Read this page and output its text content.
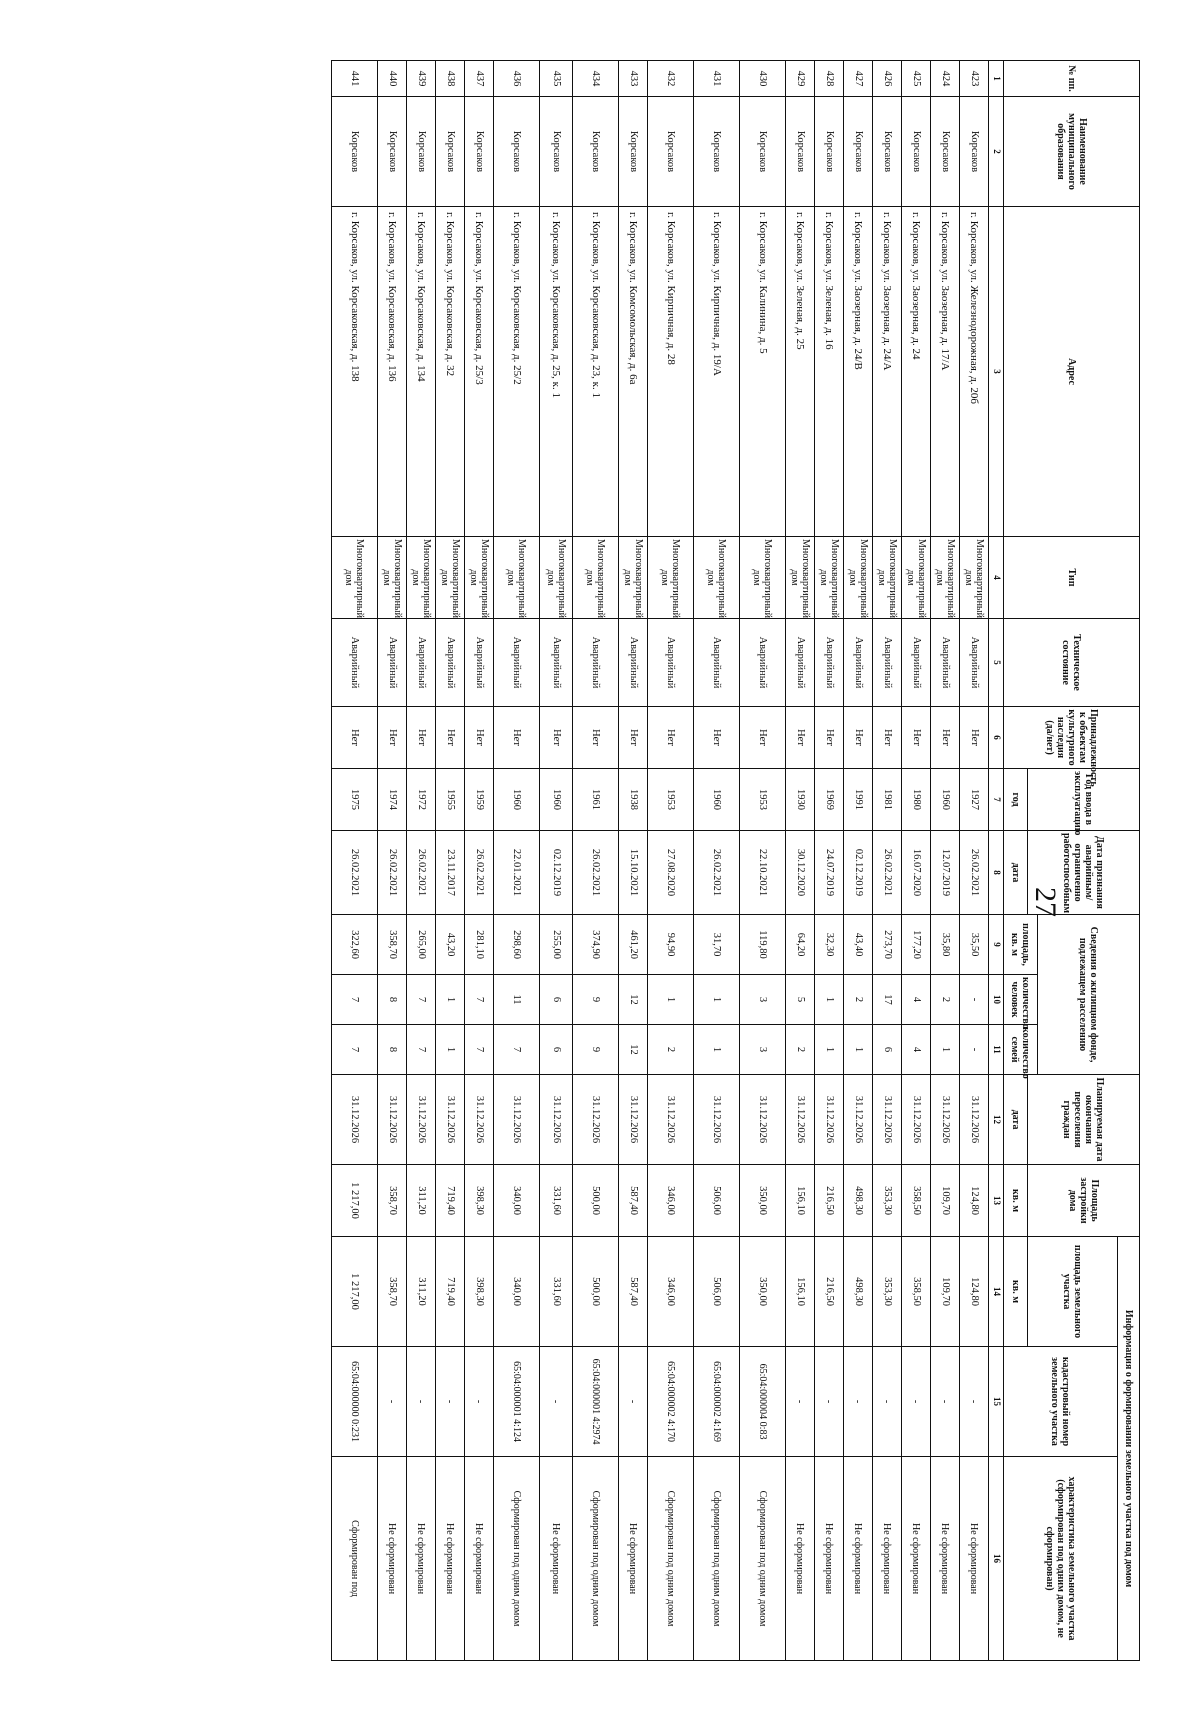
27
№ пп.	Наименование муниципального образования	Адрес	Тип	Техническое состояние	Принадлежность к объектам культурного наследия (да/нет)	Год ввода в эксплуатацию	Дата признания аварийным/ограниченно работоспособным	Сведения о жилищном фонде, подлежащем расселению			Планируемая дата окончания переселения граждан	Площадь застройки дома	Информация о формировании земельного участка под домом		
													площадь земельного участка	кадастровый номер земельного участка	характеристика земельного участка (сформирован под одним домом, не сформирован)
								площадь, кв. м	количество человек	количество семей					
						год	дата				дата	кв. м	кв. м		
1	2	3	4	5	6	7	8	9	10	11	12	13	14	15	16
423	Корсаков	г. Корсаков, ул. Железнодорожная, д. 20б	Многоквартирный дом	Аварийный	Нет	1927	26.02.2021	35,50	-	-	31.12.2026	124,80	124,80	-	Не сформирован
424	Корсаков	г. Корсаков, ул. Заозерная, д. 17/А	Многоквартирный дом	Аварийный	Нет	1960	12.07.2019	35,80	2	1	31.12.2026	109,70	109,70	-	Не сформирован
425	Корсаков	г. Корсаков, ул. Заозерная, д. 24	Многоквартирный дом	Аварийный	Нет	1980	16.07.2020	177,20	4	4	31.12.2026	358,50	358,50	-	Не сформирован
426	Корсаков	г. Корсаков, ул. Заозерная, д. 24/А	Многоквартирный дом	Аварийный	Нет	1981	26.02.2021	273,70	17	6	31.12.2026	353,30	353,30	-	Не сформирован
427	Корсаков	г. Корсаков, ул. Заозерная, д. 24/В	Многоквартирный дом	Аварийный	Нет	1991	02.12.2019	43,40	2	1	31.12.2026	498,30	498,30	-	Не сформирован
428	Корсаков	г. Корсаков, ул. Зеленая, д. 16	Многоквартирный дом	Аварийный	Нет	1969	24.07.2019	32,30	1	1	31.12.2026	216,50	216,50	-	Не сформирован
429	Корсаков	г. Корсаков, ул. Зеленая, д. 25	Многоквартирный дом	Аварийный	Нет	1930	30.12.2020	64,20	5	2	31.12.2026	156,10	156,10	-	Не сформирован
430	Корсаков	г. Корсаков, ул. Калинина, д. 5	Многоквартирный дом	Аварийный	Нет	1953	22.10.2021	119,80	3	3	31.12.2026	350,00	350,00	65:04:000004 0:83	Сформирован под одним домом
431	Корсаков	г. Корсаков, ул. Кирпичная, д. 19/А	Многоквартирный дом	Аварийный	Нет	1960	26.02.2021	31,70	1	1	31.12.2026	506,00	506,00	65:04:000002 4:169	Сформирован под одним домом
432	Корсаков	г. Корсаков, ул. Кирпичная, д. 28	Многоквартирный дом	Аварийный	Нет	1953	27.08.2020	94,90	1	2	31.12.2026	346,00	346,00	65:04:000002 4:170	Сформирован под одним домом
433	Корсаков	г. Корсаков, ул. Комсомольская, д. 6а	Многоквартирный дом	Аварийный	Нет	1938	15.10.2021	461,20	12	12	31.12.2026	587,40	587,40	-	Не сформирован
434	Корсаков	г. Корсаков, ул. Корсаковская, д. 23, к. 1	Многоквартирный дом	Аварийный	Нет	1961	26.02.2021	374,90	9	9	31.12.2026	500,00	500,00	65:04:000001 4:2974	Сформирован под одним домом
435	Корсаков	г. Корсаков, ул. Корсаковская, д. 25, к. 1	Многоквартирный дом	Аварийный	Нет	1960	02.12.2019	255,00	6	6	31.12.2026	331,60	331,60	-	Не сформирован
436	Корсаков	г. Корсаков, ул. Корсаковская, д. 25/2	Многоквартирный дом	Аварийный	Нет	1960	22.01.2021	298,60	11	7	31.12.2026	340,00	340,00	65:04:000001 4:124	Сформирован под одним домом
437	Корсаков	г. Корсаков, ул. Корсаковская, д. 25/3	Многоквартирный дом	Аварийный	Нет	1959	26.02.2021	281,10	7	7	31.12.2026	398,30	398,30	-	Не сформирован
438	Корсаков	г. Корсаков, ул. Корсаковская, д. 32	Многоквартирный дом	Аварийный	Нет	1955	23.11.2017	43,20	1	1	31.12.2026	719,40	719,40	-	Не сформирован
439	Корсаков	г. Корсаков, ул. Корсаковская, д. 134	Многоквартирный дом	Аварийный	Нет	1972	26.02.2021	265,00	7	7	31.12.2026	311,20	311,20	-	Не сформирован
440	Корсаков	г. Корсаков, ул. Корсаковская, д. 136	Многоквартирный дом	Аварийный	Нет	1974	26.02.2021	358,70	8	8	31.12.2026	358,70	358,70	-	Не сформирован
441	Корсаков	г. Корсаков, ул. Корсаковская, д. 138	Многоквартирный дом	Аварийный	Нет	1975	26.02.2021	322,60	7	7	31.12.2026	1 217,00	1 217,00	65:04:000000 0:231	Сформирован под
